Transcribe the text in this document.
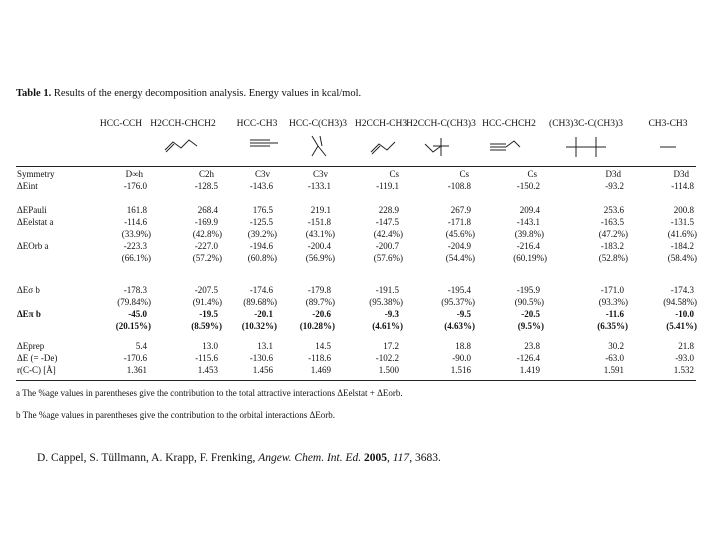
Table 1. Results of the energy decomposition analysis. Energy values in kcal/mol.
HCC-CCH H2CCH-CHCH2 HCC-CH3 HCC-C(CH3)3 H2CCH-CH3 H2CCH-C(CH3)3 HCC-CHCH2 (CH3)3C-C(CH3)3	CH3-CH3
Symmetry	D∞h	C2h	C3v	C3v	Cs	Cs	Cs	D3d	D3d
ΔEint	-176.0	-128.5	-143.6	-133.1	-119.1	-108.8	-150.2	-93.2	-114.8
ΔEPauli	161.8	268.4	176.5	219.1	228.9	267.9	209.4	253.6	200.8
ΔEelstat a	-114.6	-169.9	-125.5	-151.8	-147.5	-171.8	-143.1	-163.5	-131.5
(33.9%)	(42.8%)	(39.2%)	(43.1%)	(42.4%)	(45.6%)	(39.8%)	(47.2%)	(41.6%)
ΔEOrb a	-223.3	-227.0	-194.6	-200.4	-200.7	-204.9	-216.4	-183.2	-184.2
(66.1%)	(57.2%)	(60.8%)	(56.9%)	(57.6%)	(54.4%)	(60.19%)	(52.8%)	(58.4%)
ΔEσ b	-178.3	-207.5	-174.6	-179.8	-191.5	-195.4	-195.9	-171.0	-174.3
(79.84%)	(91.4%) (89.68%)	(89.7%)	(95.38%)	(95.37%)	(90.5%)	(93.3%)	(94.58%)
ΔEπ b	-45.0	-19.5	-20.1	-20.6	-9.3	-9.5	-20.5	-11.6	-10.0
(20.15%)	(8.59%) (10.32%)	(10.28%)	(4.61%)	(4.63%)	(9.5%)	(6.35%)	(5.41%)
ΔEprep	5.4	13.0	13.1	14.5	17.2	18.8	23.8	30.2	21.8
ΔE (= -De)	-170.6	-115.6	-130.6	-118.6	-102.2	-90.0	-126.4	-63.0	-93.0
r(C-C) [Å]	1.361	1.453	1.456	1.469	1.500	1.516	1.419	1.591	1.532
a The %age values in parentheses give the contribution to the total attractive interactions ΔEelstat + ΔEorb.
b The %age values in parentheses give the contribution to the orbital interactions ΔEorb.
D. Cappel, S. Tüllmann, A. Krapp, F. Frenking, Angew. Chem. Int. Ed. 2005, 117, 3683.
